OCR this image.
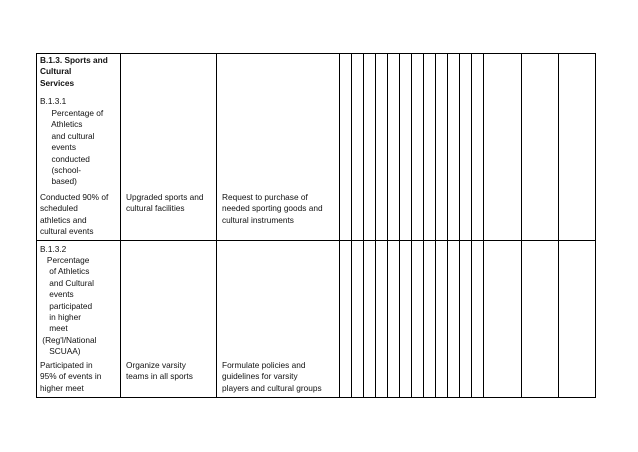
B.1.3. Sports and
Cultural
Services
B.1.3.1
Percentage of
Athletics
and cultural
events
conducted
(school-
based)
Conducted 90% of
scheduled
athletics and
cultural events
Upgraded sports and
cultural facilities
Request to purchase of
needed sporting goods and
cultural instruments
B.1.3.2
Percentage
of Athletics
and Cultural
events
participated
in higher
meet
(Reg'l/National
SCUAA)
Participated in
95% of events in
higher meet
Organize varsity
teams in all sports
Formulate policies and
guidelines for varsity
players and cultural groups
